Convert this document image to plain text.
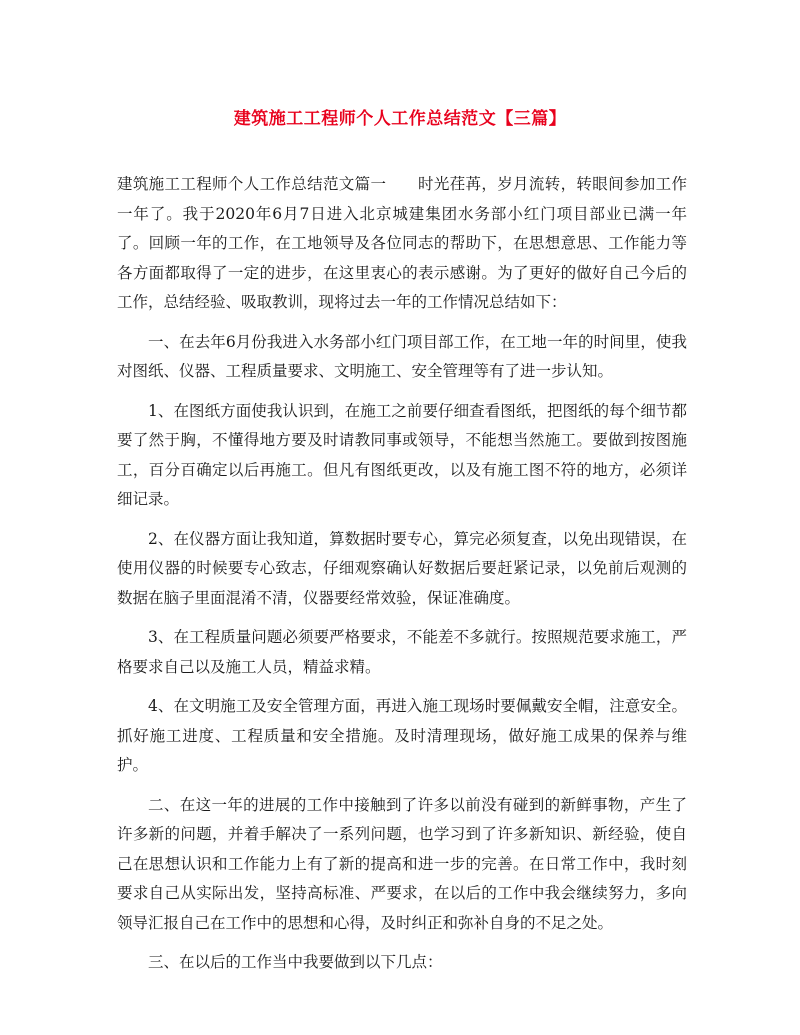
建筑施工工程师个人工作总结范文【三篇】

建筑施工工程师个人工作总结范文篇一　　时光荏苒，岁月流转，转眼间参加工作一年了。我于2020年6月7日进入北京城建集团水务部小红门项目部业已满一年了。回顾一年的工作，在工地领导及各位同志的帮助下，在思想意思、工作能力等各方面都取得了一定的进步，在这里衷心的表示感谢。为了更好的做好自己今后的工作，总结经验、吸取教训，现将过去一年的工作情况总结如下：

一、在去年6月份我进入水务部小红门项目部工作，在工地一年的时间里，使我对图纸、仪器、工程质量要求、文明施工、安全管理等有了进一步认知。

1、在图纸方面使我认识到，在施工之前要仔细查看图纸，把图纸的每个细节都要了然于胸，不懂得地方要及时请教同事或领导，不能想当然施工。要做到按图施工，百分百确定以后再施工。但凡有图纸更改，以及有施工图不符的地方，必须详细记录。

2、在仪器方面让我知道，算数据时要专心，算完必须复查，以免出现错误，在使用仪器的时候要专心致志，仔细观察确认好数据后要赶紧记录，以免前后观测的数据在脑子里面混淆不清，仪器要经常效验，保证准确度。

3、在工程质量问题必须要严格要求，不能差不多就行。按照规范要求施工，严格要求自己以及施工人员，精益求精。

4、在文明施工及安全管理方面，再进入施工现场时要佩戴安全帽，注意安全。抓好施工进度、工程质量和安全措施。及时清理现场，做好施工成果的保养与维护。

二、在这一年的进展的工作中接触到了许多以前没有碰到的新鲜事物，产生了许多新的问题，并着手解决了一系列问题，也学习到了许多新知识、新经验，使自己在思想认识和工作能力上有了新的提高和进一步的完善。在日常工作中，我时刻要求自己从实际出发，坚持高标准、严要求，在以后的工作中我会继续努力，多向领导汇报自己在工作中的思想和心得，及时纠正和弥补自身的不足之处。

三、在以后的工作当中我要做到以下几点：
